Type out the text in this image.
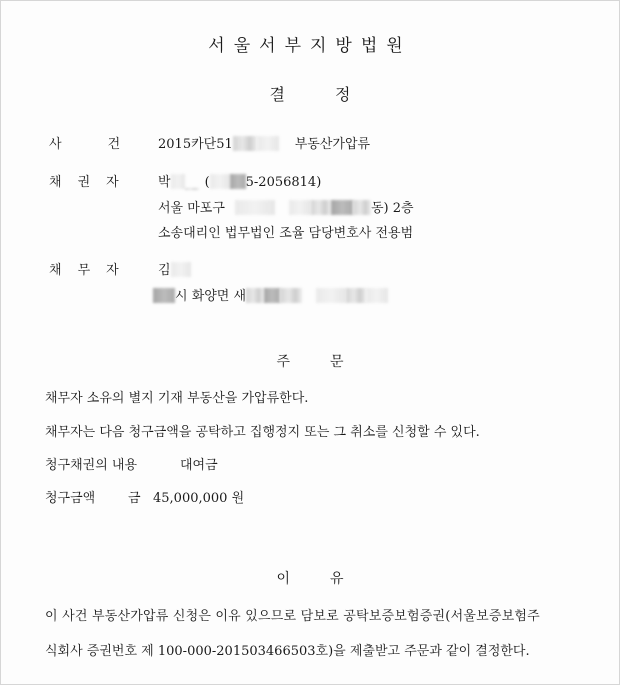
서울서부지방법원
결정
사	건	2015카단51	부동산가압류
채 권 자	박	(	5-2056814)
서울 마포구	동) 2층
소송대리인 법무법인 조율 담당변호사 전용범
채 무 자	김
시 화양면 새
주문
채무자 소유의 별지 기재 부동산을 가압류한다.
채무자는 다음 청구금액을 공탁하고 집행정지 또는 그 취소를 신청할 수 있다.
청구채권의 내용	대여금
청구금액	금 45,000,000 원
이유
이 사건 부동산가압류 신청은 이유 있으므로 담보로 공탁보증보험증권(서울보증보험주
식회사 증권번호 제 100-000-201503466503호)을 제출받고 주문과 같이 결정한다.
